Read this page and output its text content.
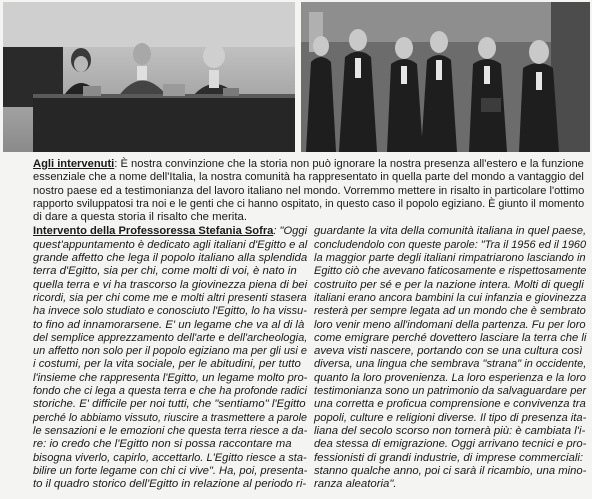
Agli intervenuti: È nostra convinzione che la storia non può ignorare la nostra presenza all'estero e la funzione
essenziale che a nome dell'Italia, la nostra comunità ha rappresentato in quella parte del mondo a vantaggio del
nostro paese ed a testimonianza del lavoro italiano nel mondo. Vorremmo mettere in risalto in particolare l'ottimo
rapporto sviluppatosi tra noi e le genti che ci hanno ospitato, in questo caso il popolo egiziano. È giunto il momento
di dare a questa storia il risalto che merita.

Intervento della Professoressa Stefania Sofra: "Oggi
quest'appuntamento è dedicato agli italiani d'Egitto e al
grande affetto che lega il popolo italiano alla splendida
terra d'Egitto, sia per chi, come molti di voi, è nato in
quella terra e vi ha trascorso la giovinezza piena di bei
ricordi, sia per chi come me e molti altri presenti stasera
ha invece solo studiato e conosciuto l'Egitto, lo ha vissu-
to fino ad innamorarsene. E' un legame che va al di là
del semplice apprezzamento dell'arte e dell'archeologia,
un affetto non solo per il popolo egiziano ma per gli usi e
i costumi, per la vita sociale, per le abitudini, per tutto
l'insieme che rappresenta l'Egitto, un legame molto pro-
fondo che ci lega a questa terra e che ha profonde radici
storiche. E' difficile per noi tutti, che "sentiamo" l'Egitto
perché lo abbiamo vissuto, riuscire a trasmettere a parole
le sensazioni e le emozioni che questa terra riesce a da-
re: io credo che l'Egitto non si possa raccontare ma
bisogna viverlo, capirlo, accettarlo. L'Egitto riesce a sta-
bilire un forte legame con chi ci vive". Ha, poi, presenta-
to il quadro storico dell'Egitto in relazione al periodo ri-
guardante la vita della comunità italiana in quel paese,
concludendolo con queste parole: "Tra il 1956 ed il 1960
la maggior parte degli italiani rimpatriarono lasciando in
Egitto ciò che avevano faticosamente e rispettosamente
costruito per sé e per la nazione intera. Molti di quegli
italiani erano ancora bambini la cui infanzia e giovinezza
resterà per sempre legata ad un mondo che è sembrato
loro venir meno all'indomani della partenza. Fu per loro
come emigrare perché dovettero lasciare la terra che li
aveva visti nascere, portando con se una cultura così
diversa, una lingua che sembrava "strana" in occidente,
quanto la loro provenienza. La loro esperienza e la loro
testimonianza sono un patrimonio da salvaguardare per
una corretta e proficua comprensione e convivenza tra
popoli, culture e religioni diverse. Il tipo di presenza ita-
liana del secolo scorso non tornerà più: è cambiata l'i-
dea stessa di emigrazione. Oggi arrivano tecnici e pro-
fessionisti di grandi industrie, di imprese commerciali:
stanno qualche anno, poi ci sarà il ricambio, una mino-
ranza aleatoria".
